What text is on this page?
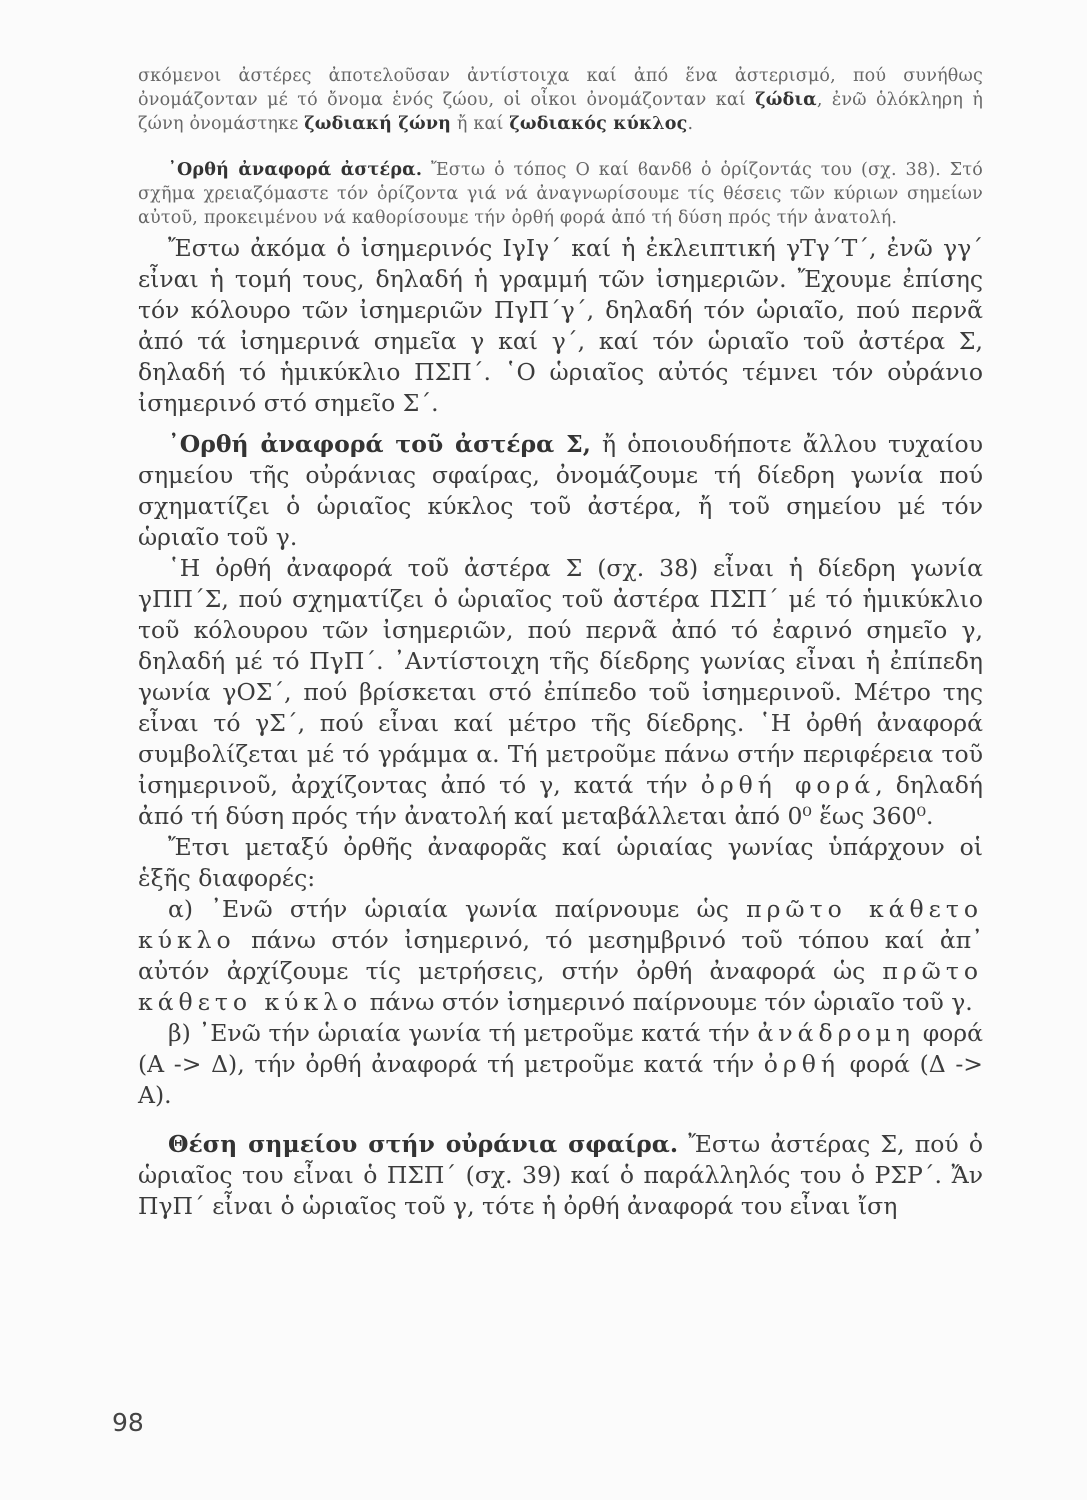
σκόμενοι ἀστέρες ἀποτελοῦσαν ἀντίστοιχα καί ἀπό ἕνα ἀστερισμό, πού συνήθως ὀνομάζονταν μέ τό ὄνομα ἑνός ζώου, οἱ οἶκοι ὀνομάζονταν καί ζώδια, ἐνῶ ὁλόκληρη ἡ ζώνη ὀνομάστηκε ζωδιακή ζώνη ἤ καί ζωδιακός κύκλος.

᾿Ορθή ἀναφορά ἀστέρα. Ἔστω ὁ τόπος Ο καί ϐανδϐ ὁ ὁρίζοντάς του (σχ. 38). Στό σχῆμα χρειαζόμαστε τόν ὁρίζοντα γιά νά ἀναγνωρίσουμε τίς θέσεις τῶν κύριων σημείων αὐτοῦ, προκειμένου νά καθορίσουμε τήν ὀρθή φορά ἀπό τή δύση πρός τήν ἀνατολή.

Ἔστω ἀκόμα ὁ ἰσημερινός ΙγΙγ΄ καί ἡ ἐκλειπτική γΤγ΄Τ΄, ἐνῶ γγ΄ εἶναι ἡ τομή τους, δηλαδή ἡ γραμμή τῶν ἰσημεριῶν. Ἔχουμε ἐπίσης τόν κόλουρο τῶν ἰσημεριῶν ΠγΠ΄γ΄, δηλαδή τόν ὡριαῖο, πού περνᾶ ἀπό τά ἰσημερινά σημεῖα γ καί γ΄, καί τόν ὡριαῖο τοῦ ἀστέρα Σ, δηλαδή τό ἡμικύκλιο ΠΣΠ΄. ῾Ο ὡριαῖος αὐτός τέμνει τόν οὐράνιο ἰσημερινό στό σημεῖο Σ΄.

᾿Ορθή ἀναφορά τοῦ ἀστέρα Σ, ἤ ὁποιουδήποτε ἄλλου τυχαίου σημείου τῆς οὐράνιας σφαίρας, ὀνομάζουμε τή δίεδρη γωνία πού σχηματίζει ὁ ὡριαῖος κύκλος τοῦ ἀστέρα, ἤ τοῦ σημείου μέ τόν ὡριαῖο τοῦ γ.

῾Η ὀρθή ἀναφορά τοῦ ἀστέρα Σ (σχ. 38) εἶναι ἡ δίεδρη γωνία γΠΠ΄Σ, πού σχηματίζει ὁ ὡριαῖος τοῦ ἀστέρα ΠΣΠ΄ μέ τό ἡμικύκλιο τοῦ κόλουρου τῶν ἰσημεριῶν, πού περνᾶ ἀπό τό ἐαρινό σημεῖο γ, δηλαδή μέ τό ΠγΠ΄. ᾿Αντίστοιχη τῆς δίεδρης γωνίας εἶναι ἡ ἐπίπεδη γωνία γΟΣ΄, πού βρίσκεται στό ἐπίπεδο τοῦ ἰσημερινοῦ. Μέτρο της εἶναι τό γΣ΄, πού εἶναι καί μέτρο τῆς δίεδρης. ῾Η ὀρθή ἀναφορά συμβολίζεται μέ τό γράμμα α. Τή μετροῦμε πάνω στήν περιφέρεια τοῦ ἰσημερινοῦ, ἀρχίζοντας ἀπό τό γ, κατά τήν ὀρθή φορά, δηλαδή ἀπό τή δύση πρός τήν ἀνατολή καί μεταβάλλεται ἀπό 0⁰ ἕως 360⁰.

Ἔτσι μεταξύ ὀρθῆς ἀναφορᾶς καί ὡριαίας γωνίας ὑπάρχουν οἱ ἑξῆς διαφορές:

α) ᾿Ενῶ στήν ὡριαία γωνία παίρνουμε ὡς πρῶτο κάθετο κύκλο πάνω στόν ἰσημερινό, τό μεσημβρινό τοῦ τόπου καί ἀπ᾿ αὐτόν ἀρχίζουμε τίς μετρήσεις, στήν ὀρθή ἀναφορά ὡς πρῶτο κάθετο κύκλο πάνω στόν ἰσημερινό παίρνουμε τόν ὡριαῖο τοῦ γ.

β) ᾿Ενῶ τήν ὡριαία γωνία τή μετροῦμε κατά τήν ἀνάδρομη φορά (Α -> Δ), τήν ὀρθή ἀναφορά τή μετροῦμε κατά τήν ὀρθή φορά (Δ -> Α).

Θέση σημείου στήν οὐράνια σφαίρα. Ἔστω ἀστέρας Σ, πού ὁ ὡριαῖος του εἶναι ὁ ΠΣΠ΄ (σχ. 39) καί ὁ παράλληλός του ὁ ΡΣΡ΄. Ἄν ΠγΠ΄ εἶναι ὁ ὡριαῖος τοῦ γ, τότε ἡ ὀρθή ἀναφορά του εἶναι ἴση

98
